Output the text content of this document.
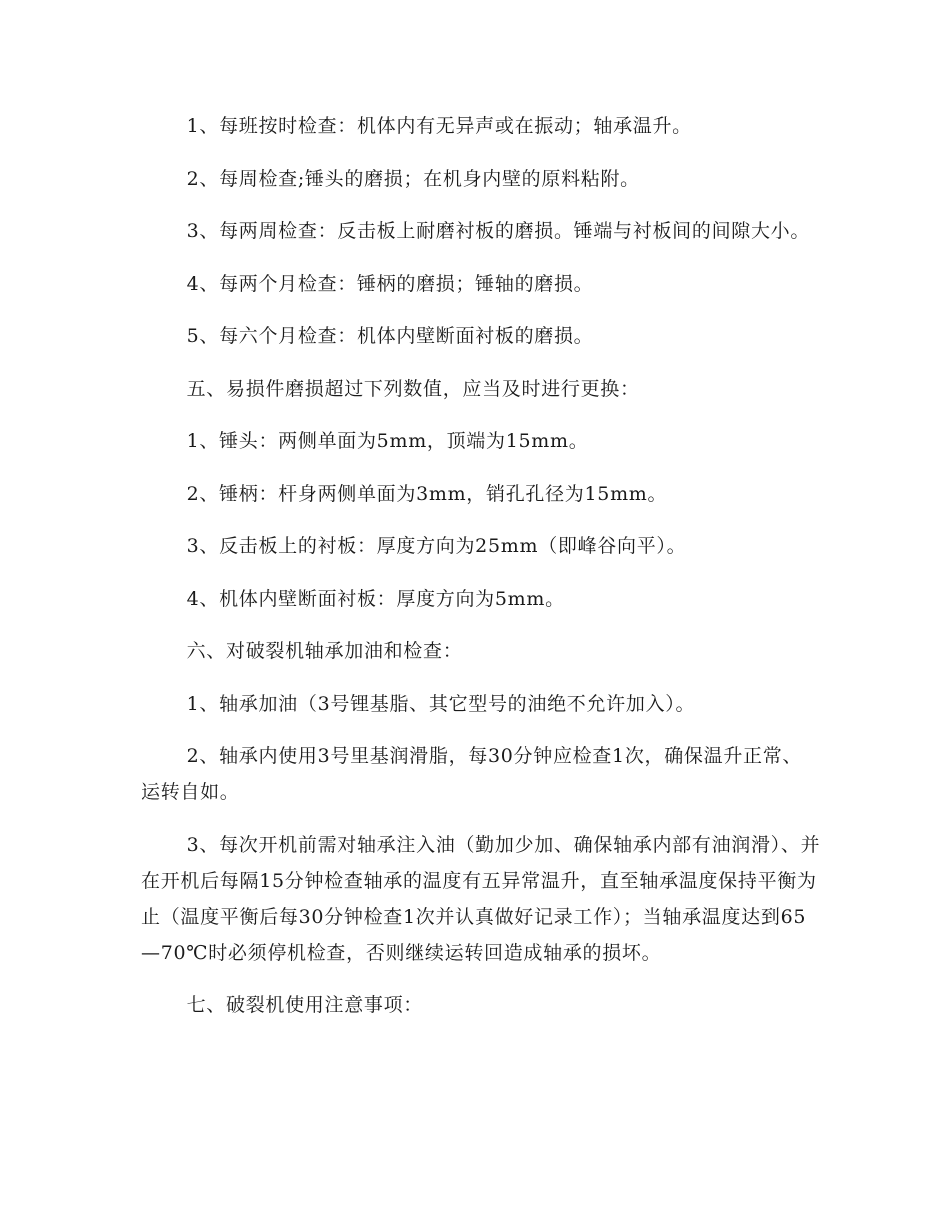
1、每班按时检查：机体内有无异声或在振动；轴承温升。

2、每周检查;锤头的磨损；在机身内壁的原料粘附。

3、每两周检查：反击板上耐磨衬板的磨损。锤端与衬板间的间隙大小。

4、每两个月检查：锤柄的磨损；锤轴的磨损。

5、每六个月检查：机体内壁断面衬板的磨损。

五、易损件磨损超过下列数值，应当及时进行更换：

1、锤头：两侧单面为5mm，顶端为15mm。

2、锤柄：杆身两侧单面为3mm，销孔孔径为15mm。

3、反击板上的衬板：厚度方向为25mm（即峰谷向平）。

4、机体内壁断面衬板：厚度方向为5mm。

六、对破裂机轴承加油和检查：

1、轴承加油（3号锂基脂、其它型号的油绝不允许加入）。

2、轴承内使用3号里基润滑脂，每30分钟应检查1次，确保温升正常、运转自如。

3、每次开机前需对轴承注入油（勤加少加、确保轴承内部有油润滑）、并在开机后每隔15分钟检查轴承的温度有五异常温升，直至轴承温度保持平衡为止（温度平衡后每30分钟检查1次并认真做好记录工作）；当轴承温度达到65—70℃时必须停机检查，否则继续运转回造成轴承的损坏。

七、破裂机使用注意事项：
